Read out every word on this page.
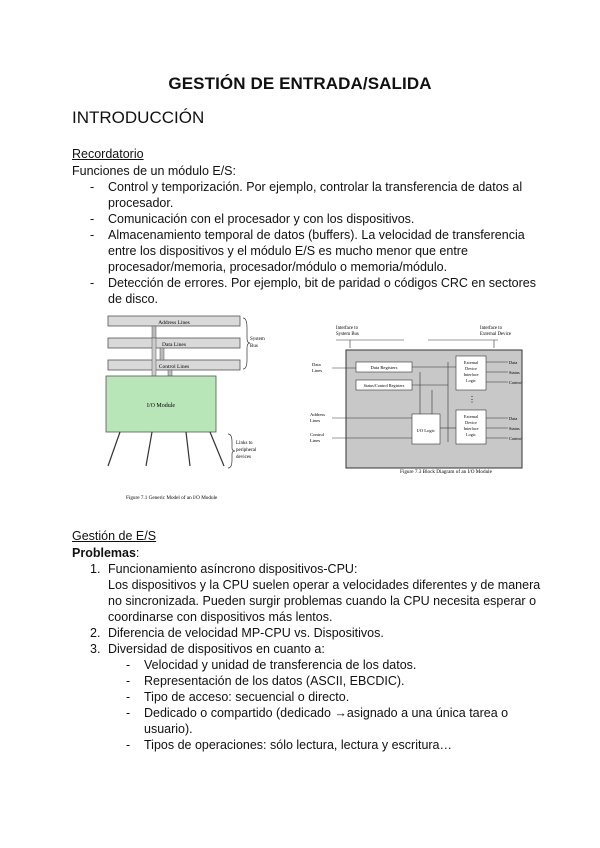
GESTIÓN DE ENTRADA/SALIDA
INTRODUCCIÓN
Recordatorio
Funciones de un módulo E/S:
- Control y temporización. Por ejemplo, controlar la transferencia de datos al
procesador.
- Comunicación con el procesador y con los dispositivos.
- Almacenamiento temporal de datos (buffers). La velocidad de transferencia
entre los dispositivos y el módulo E/S es mucho menor que entre
procesador/memoria, procesador/módulo o memoria/módulo.
- Detección de errores. Por ejemplo, bit de paridad o códigos CRC en sectores
de disco.
Address Lines
Data Lines
Control Lines
System
Bus
I/O Module
Links to
peripheral
devices
Figure 7.1 Generic Model of an I/O Module
Interface to
System Bus
Interface to
External Device
Data Registers
Status/Control Registers
I/O Logic
External
Device
Interface
Logic
External
Device
Interface
Logic
⋮
Data
Lines
Address
Lines
Control
Lines
Data
Status
Control
Data
Status
Control
Figure 7.3 Block Diagram of an I/O Module
Gestión de E/S
Problemas:
1. Funcionamiento asíncrono dispositivos-CPU:
Los dispositivos y la CPU suelen operar a velocidades diferentes y de manera
no sincronizada. Pueden surgir problemas cuando la CPU necesita esperar o
coordinarse con dispositivos más lentos.
2. Diferencia de velocidad MP-CPU vs. Dispositivos.
3. Diversidad de dispositivos en cuanto a:
- Velocidad y unidad de transferencia de los datos.
- Representación de los datos (ASCII, EBCDIC).
- Tipo de acceso: secuencial o directo.
- Dedicado o compartido (dedicado →asignado a una única tarea o
usuario).
- Tipos de operaciones: sólo lectura, lectura y escritura…
